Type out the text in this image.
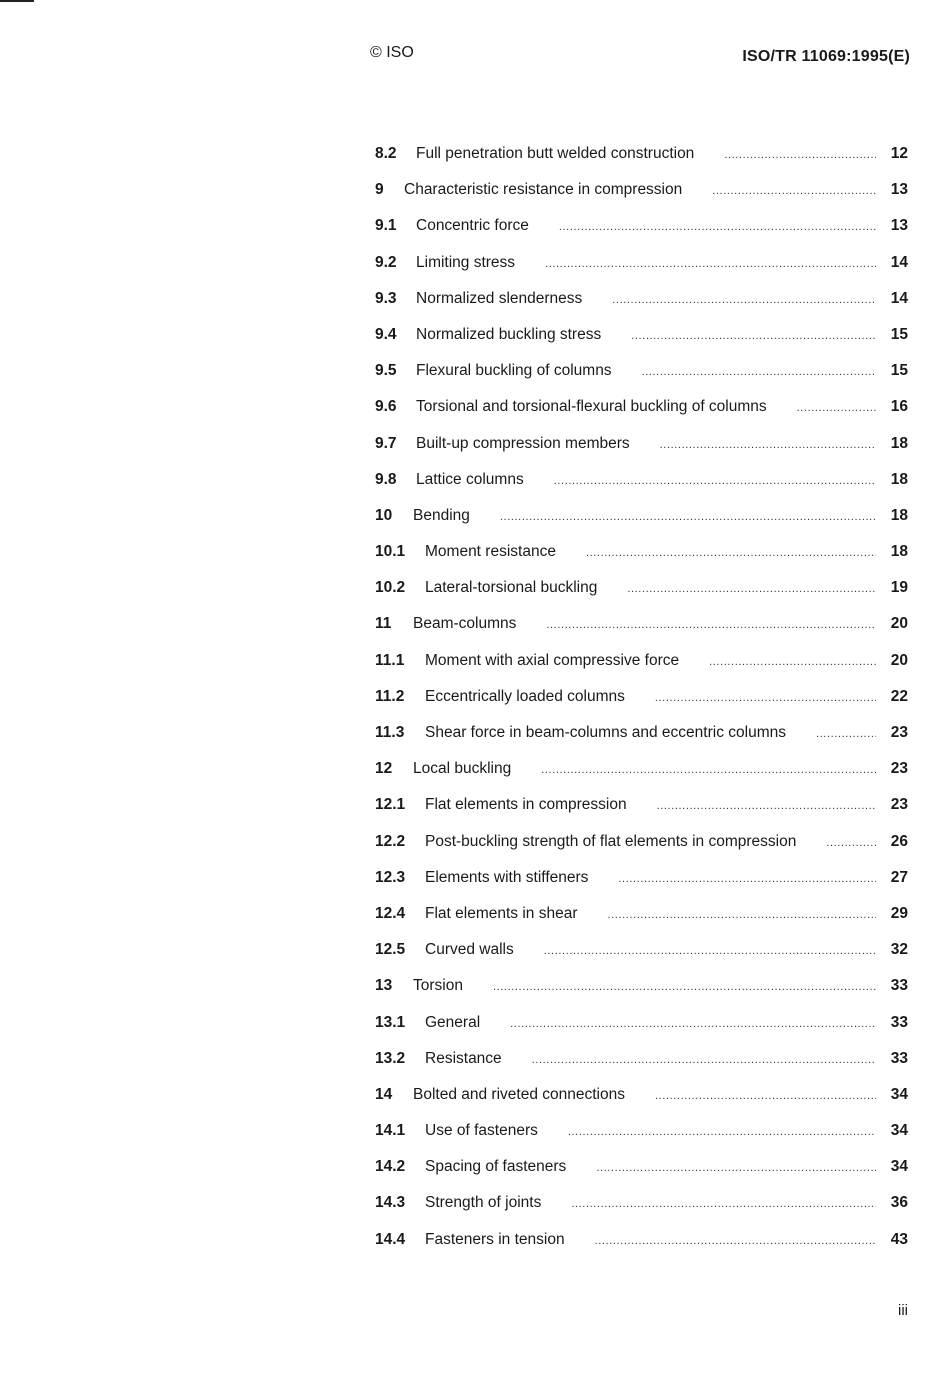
© ISO	ISO/TR 11069:1995(E)
8.2	Full penetration butt welded construction .....	12
9	Characteristic resistance in compression .....	13
9.1	Concentric force .....	13
9.2	Limiting stress .....	14
9.3	Normalized slenderness .....	14
9.4	Normalized buckling stress .....	15
9.5	Flexural buckling of columns .....	15
9.6	Torsional and torsional-flexural buckling of columns .....	16
9.7	Built-up compression members .....	18
9.8	Lattice columns .....	18
10	Bending .....	18
10.1	Moment resistance .....	18
10.2	Lateral-torsional buckling .....	19
11	Beam-columns .....	20
11.1	Moment with axial compressive force .....	20
11.2	Eccentrically loaded columns .....	22
11.3	Shear force in beam-columns and eccentric columns .....	23
12	Local buckling .....	23
12.1	Flat elements in compression .....	23
12.2	Post-buckling strength of flat elements in compression .....	26
12.3	Elements with stiffeners .....	27
12.4	Flat elements in shear .....	29
12.5	Curved walls .....	32
13	Torsion .....	33
13.1	General .....	33
13.2	Resistance .....	33
14	Bolted and riveted connections .....	34
14.1	Use of fasteners .....	34
14.2	Spacing of fasteners .....	34
14.3	Strength of joints .....	36
14.4	Fasteners in tension .....	43
iii
